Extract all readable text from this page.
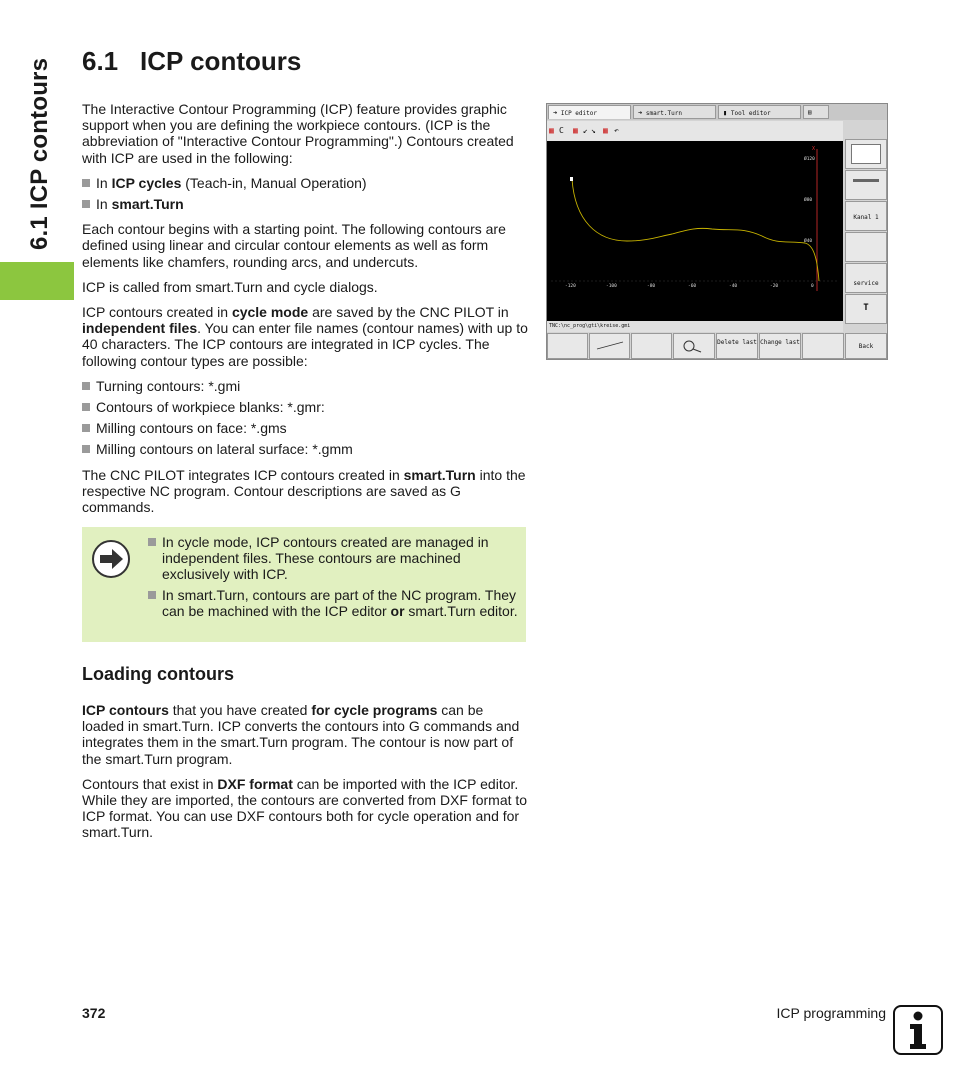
6.1 ICP contours 6.1 ICP contours

The Interactive Contour Programming (ICP) feature provides graphic support when you are defining the workpiece contours. (ICP is the abbreviation of "Interactive Contour Programming".) Contours created with ICP are used in the following:

In ICP cycles (Teach-in, Manual Operation)
In smart.Turn

Each contour begins with a starting point. The following contours are defined using linear and circular contour elements as well as form elements like chamfers, rounding arcs, and undercuts.

ICP is called from smart.Turn and cycle dialogs.

ICP contours created in cycle mode are saved by the CNC PILOT in independent files. You can enter file names (contour names) with up to 40 characters. The ICP contours are integrated in ICP cycles. The following contour types are possible:

Turning contours: *.gmi
Contours of workpiece blanks: *.gmr:
Milling contours on face: *.gms
Milling contours on lateral surface: *.gmm

The CNC PILOT integrates ICP contours created in smart.Turn into the respective NC program. Contour descriptions are saved as G commands.

In cycle mode, ICP contours created are managed in independent files. These contours are machined exclusively with ICP.
In smart.Turn, contours are part of the NC program. They can be machined with the ICP editor or smart.Turn editor.
Loading contours

ICP contours that you have created for cycle programs can be loaded in smart.Turn. ICP converts the contours into G commands and integrates them in the smart.Turn program. The contour is now part of the smart.Turn program.

Contours that exist in DXF format can be imported with the ICP editor. While they are imported, the contours are converted from DXF format to ICP format. You can use DXF contours both for cycle operation and for smart.Turn.

➜ ICP editor	➜ smart.Turn	▮ Tool editor	▤
▦ C ▦ ↙ ↘ ▦ ↶
X
Ø120
Ø80
Ø40
-120	-100	-80	-60	-40	-20	0
TNC:\nc_prog\gti\kreise.gmi
Kanal 1
service
T
Delete last Change last
Back
372	ICP programming
